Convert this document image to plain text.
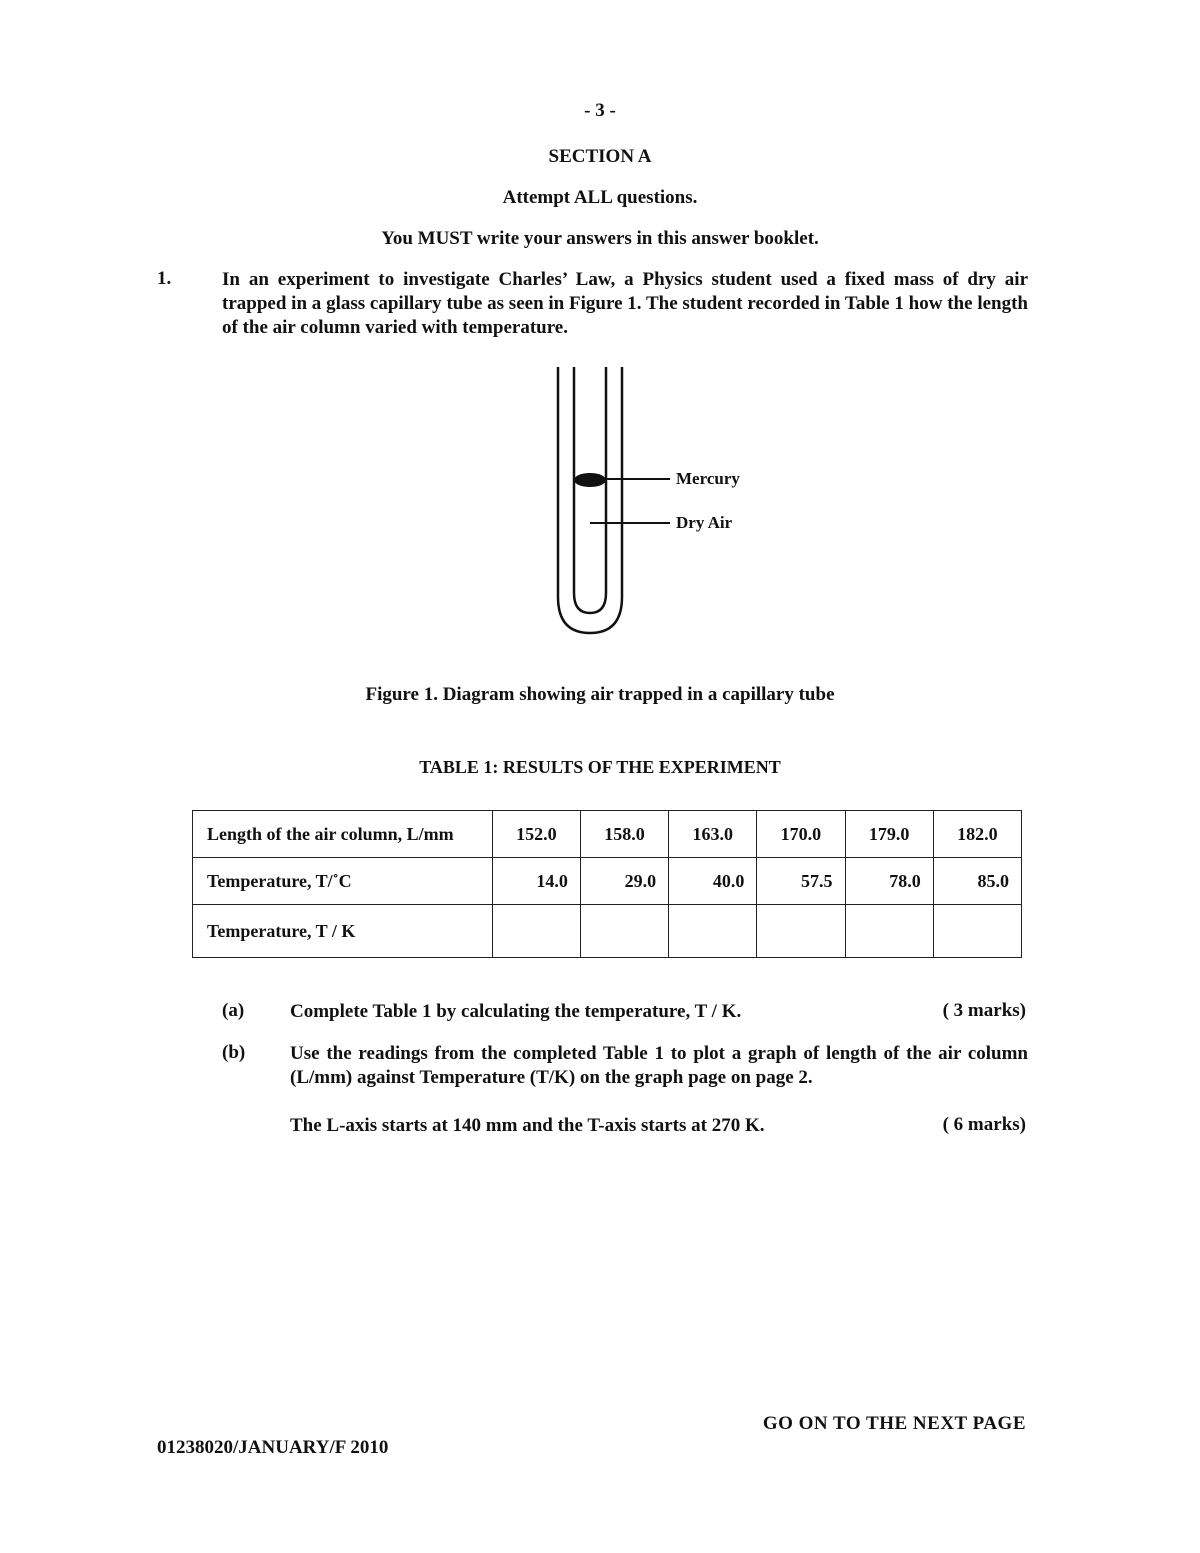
- 3 -
SECTION A
Attempt ALL questions.
You MUST write your answers in this answer booklet.
1.	In an experiment to investigate Charles’ Law, a Physics student used a fixed mass of dry air trapped in a glass capillary tube as seen in Figure 1. The student recorded in Table 1 how the length of the air column varied with temperature.
Mercury
Dry Air
Figure 1. Diagram showing air trapped in a capillary tube
TABLE 1: RESULTS OF THE EXPERIMENT
Length of the air column, L/mm	152.0	158.0	163.0	170.0	179.0	182.0
Temperature, T/˚C	14.0	29.0	40.0	57.5	78.0	85.0
Temperature, T / K						
(a) Complete Table 1 by calculating the temperature, T / K.	( 3 marks)
(b) Use the readings from the completed Table 1 to plot a graph of length of the air column (L/mm) against Temperature (T/K) on the graph page on page 2.
The L-axis starts at 140 mm and the T-axis starts at 270 K.	( 6 marks)
GO ON TO THE NEXT PAGE
01238020/JANUARY/F 2010
